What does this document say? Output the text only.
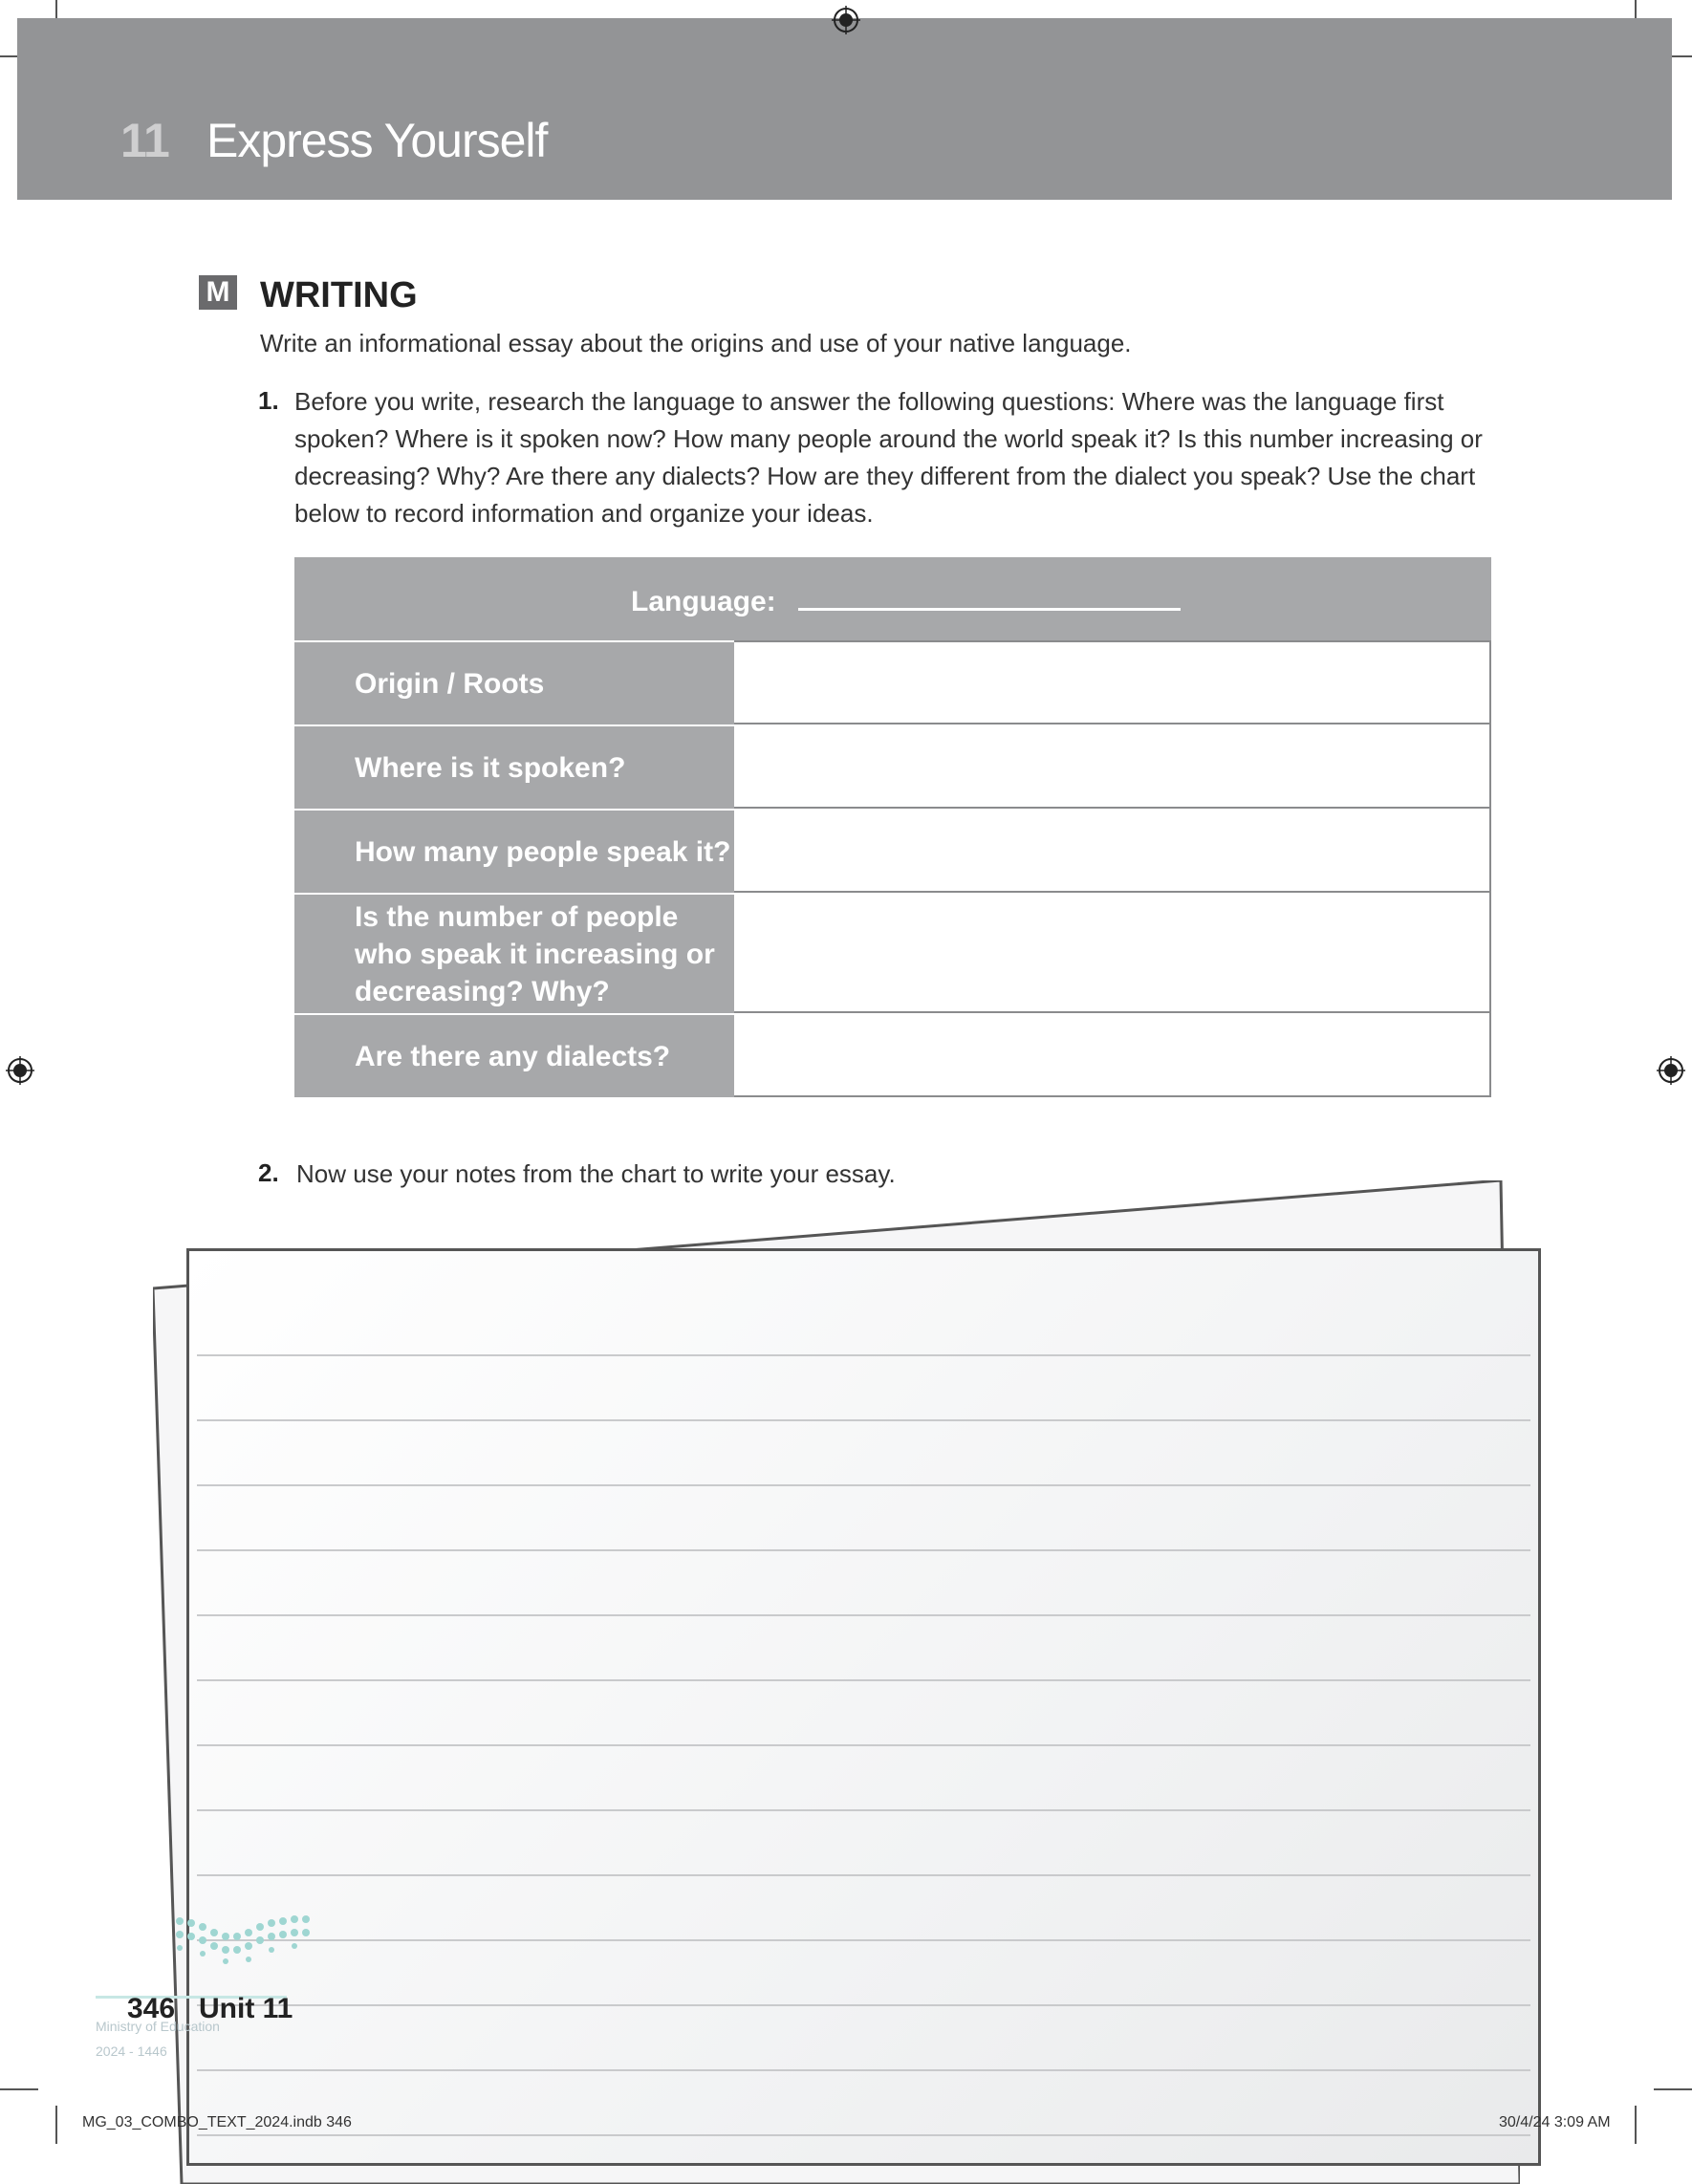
11 Express Yourself
M WRITING
Write an informational essay about the origins and use of your native language.
1. Before you write, research the language to answer the following questions: Where was the language first spoken? Where is it spoken now? How many people around the world speak it? Is this number increasing or decreasing? Why? Are there any dialects? How are they different from the dialect you speak? Use the chart below to record information and organize your ideas.
Language:
Origin / Roots
Where is it spoken?
How many people speak it?
Is the number of people who speak it increasing or decreasing? Why?
Are there any dialects?
2. Now use your notes from the chart to write your essay.
Ministry of Education
2024 - 1446
346 Unit 11
MG_03_COMBO_TEXT_2024.indb 346	30/4/24 3:09 AM
